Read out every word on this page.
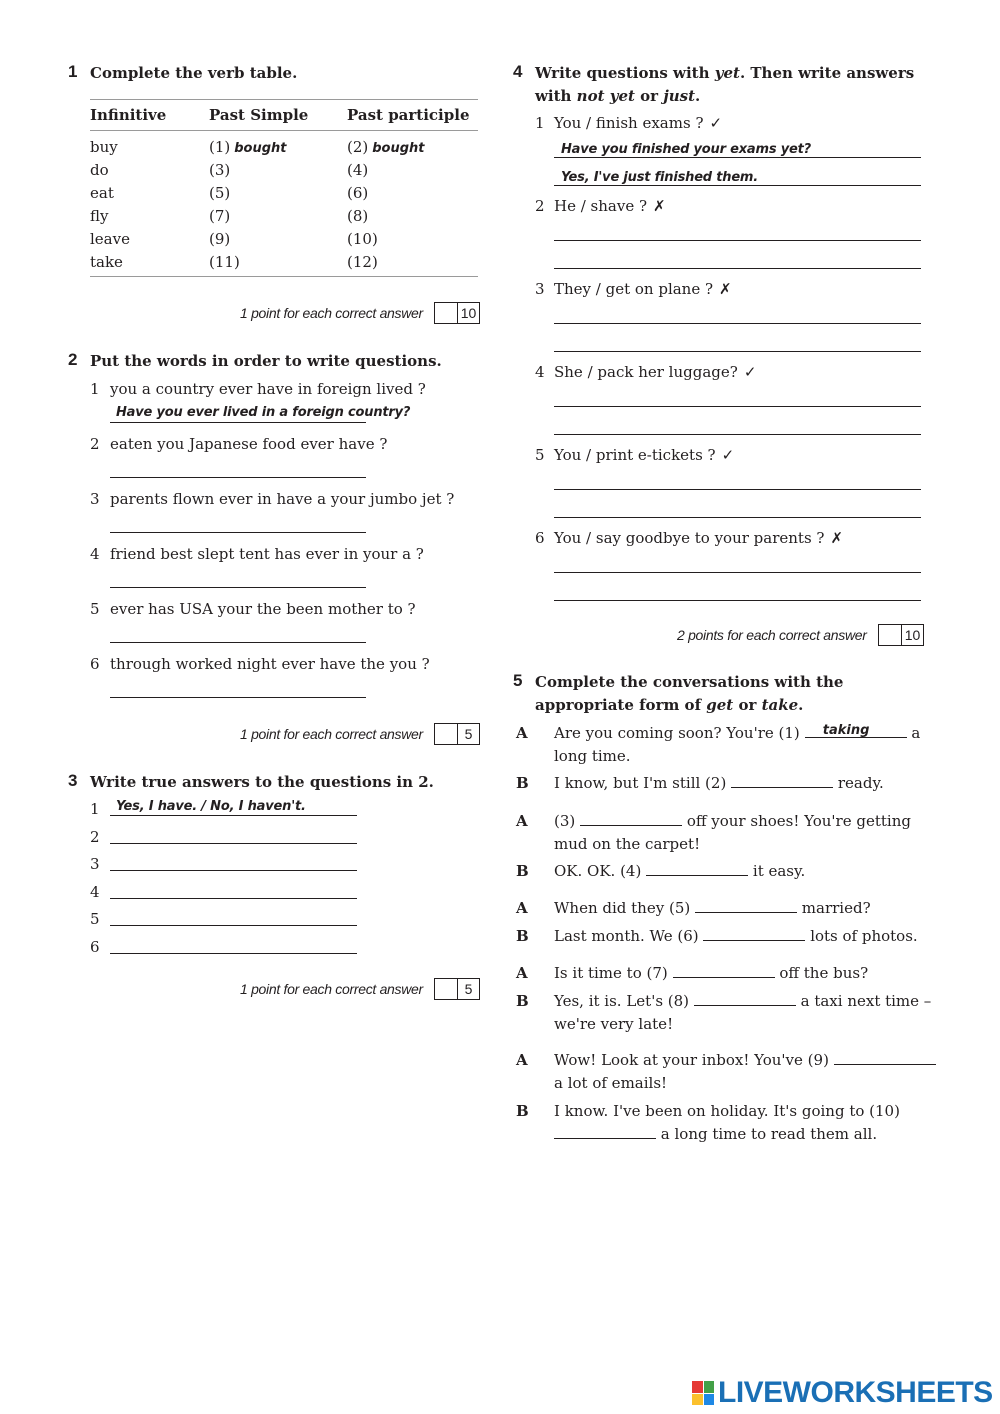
1 Complete the verb table.
Infinitive	Past Simple	Past participle
buy	(1) bought	(2) bought
do	(3)	(4)
eat	(5)	(6)
fly	(7)	(8)
leave	(9)	(10)
take	(11)	(12)
1 point for each correct answer	10
2 Put the words in order to write questions.
1 you a country ever have in foreign lived ?
Have you ever lived in a foreign country?
2 eaten you Japanese food ever have ?
3 parents flown ever in have a your jumbo jet ?
4 friend best slept tent has ever in your a ?
5 ever has USA your the been mother to ?
6 through worked night ever have the you ?
1 point for each correct answer	5
3 Write true answers to the questions in 2.
1 Yes, I have. / No, I haven't.
2
3
4
5
6
1 point for each correct answer	5
4 Write questions with yet. Then write answers with not yet or just.
1 You / finish exams ? ✓
Have you finished your exams yet?
Yes, I've just finished them.
2 He / shave ? ✗
3 They / get on plane ? ✗
4 She / pack her luggage? ✓
5 You / print e-tickets ? ✓
6 You / say goodbye to your parents ? ✗
2 points for each correct answer	10
5 Complete the conversations with the appropriate form of get or take.
A Are you coming soon? You're (1)	taking	a long time.
B I know, but I'm still (2)	ready.
A (3)	off your shoes! You're getting mud on the carpet!
B OK. OK. (4)	it easy.
A When did they (5)	married?
B Last month. We (6)	lots of photos.
A Is it time to (7)	off the bus?
B Yes, it is. Let's (8)	a taxi next time – we're very late!
A Wow! Look at your inbox! You've (9)
a lot of emails!
B I know. I've been on holiday. It's going to (10)
a long time to read them all.
LIVEWORKSHEETS
